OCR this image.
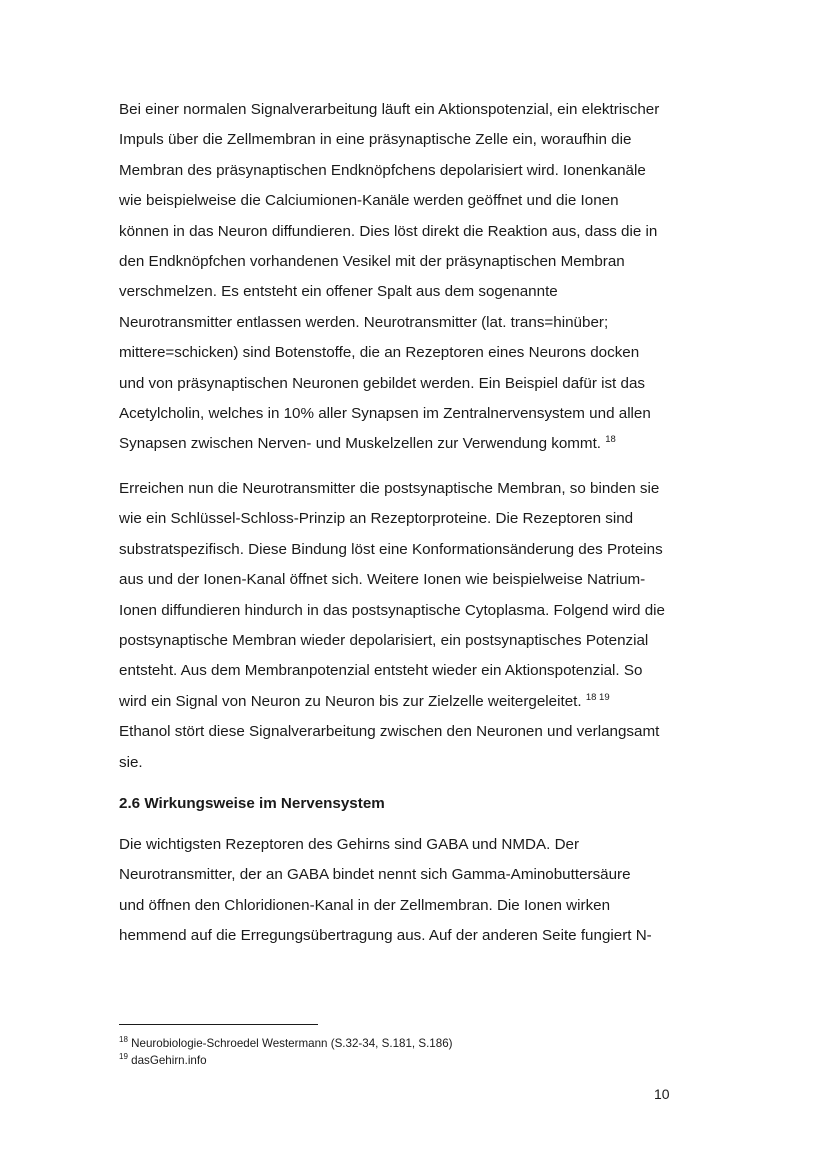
Bei einer normalen Signalverarbeitung läuft ein Aktionspotenzial, ein elektrischer
Impuls über die Zellmembran in eine präsynaptische Zelle ein, woraufhin die
Membran des präsynaptischen Endknöpfchens depolarisiert wird. Ionenkanäle
wie beispielweise die Calciumionen-Kanäle werden geöffnet und die Ionen
können in das Neuron diffundieren. Dies löst direkt die Reaktion aus, dass die in
den Endknöpfchen vorhandenen Vesikel mit der präsynaptischen Membran
verschmelzen. Es entsteht ein offener Spalt aus dem sogenannte
Neurotransmitter entlassen werden. Neurotransmitter (lat. trans=hinüber;
mittere=schicken) sind Botenstoffe, die an Rezeptoren eines Neurons docken
und von präsynaptischen Neuronen gebildet werden. Ein Beispiel dafür ist das
Acetylcholin, welches in 10% aller Synapsen im Zentralnervensystem und allen
Synapsen zwischen Nerven- und Muskelzellen zur Verwendung kommt. $^{18}$
Erreichen nun die Neurotransmitter die postsynaptische Membran, so binden sie
wie ein Schlüssel-Schloss-Prinzip an Rezeptorproteine. Die Rezeptoren sind
substratspezifisch. Diese Bindung löst eine Konformationsänderung des Proteins
aus und der Ionen-Kanal öffnet sich. Weitere Ionen wie beispielweise Natrium-
Ionen diffundieren hindurch in das postsynaptische Cytoplasma. Folgend wird die
postsynaptische Membran wieder depolarisiert, ein postsynaptisches Potenzial
entsteht. Aus dem Membranpotenzial entsteht wieder ein Aktionspotenzial. So
wird ein Signal von Neuron zu Neuron bis zur Zielzelle weitergeleitet. $^{18 19}$
Ethanol stört diese Signalverarbeitung zwischen den Neuronen und verlangsamt
sie.
2.6 Wirkungsweise im Nervensystem
Die wichtigsten Rezeptoren des Gehirns sind GABA und NMDA. Der
Neurotransmitter, der an GABA bindet nennt sich Gamma-Aminobuttersäure
und öffnen den Chloridionen-Kanal in der Zellmembran. Die Ionen wirken
hemmend auf die Erregungsübertragung aus. Auf der anderen Seite fungiert N-
$^{18}$ Neurobiologie-Schroedel Westermann (S.32-34, S.181, S.186)
$^{19}$ dasGehirn.info
10
